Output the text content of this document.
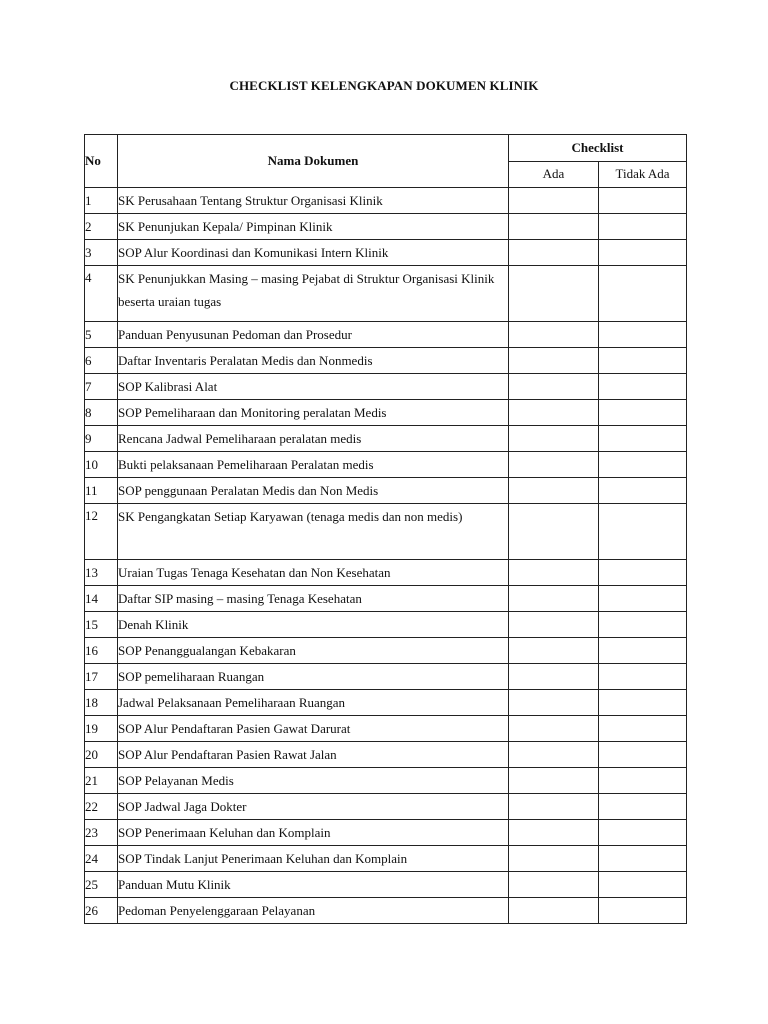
CHECKLIST KELENGKAPAN DOKUMEN KLINIK
No	Nama Dokumen	Checklist	
		Ada	Tidak Ada
1	SK Perusahaan Tentang Struktur Organisasi Klinik		
2	SK Penunjukan Kepala/ Pimpinan Klinik		
3	SOP Alur Koordinasi dan Komunikasi Intern Klinik		
4	SK Penunjukkan Masing – masing Pejabat di Struktur Organisasi Klinik beserta uraian tugas		
5	Panduan Penyusunan Pedoman dan Prosedur		
6	Daftar Inventaris Peralatan Medis dan Nonmedis		
7	SOP Kalibrasi Alat		
8	SOP Pemeliharaan dan Monitoring peralatan Medis		
9	Rencana Jadwal Pemeliharaan peralatan medis		
10	Bukti pelaksanaan Pemeliharaan Peralatan medis		
11	SOP penggunaan Peralatan Medis dan Non Medis		
12	SK Pengangkatan Setiap Karyawan (tenaga medis dan non medis)		
13	Uraian Tugas Tenaga Kesehatan dan Non Kesehatan		
14	Daftar SIP masing – masing Tenaga Kesehatan		
15	Denah Klinik		
16	SOP Penanggualangan Kebakaran		
17	SOP pemeliharaan Ruangan		
18	Jadwal Pelaksanaan Pemeliharaan Ruangan		
19	SOP Alur Pendaftaran Pasien Gawat Darurat		
20	SOP Alur Pendaftaran Pasien Rawat Jalan		
21	SOP Pelayanan Medis		
22	SOP Jadwal Jaga Dokter		
23	SOP Penerimaan Keluhan dan Komplain		
24	SOP Tindak Lanjut Penerimaan Keluhan dan Komplain		
25	Panduan Mutu Klinik		
26	Pedoman Penyelenggaraan Pelayanan		
